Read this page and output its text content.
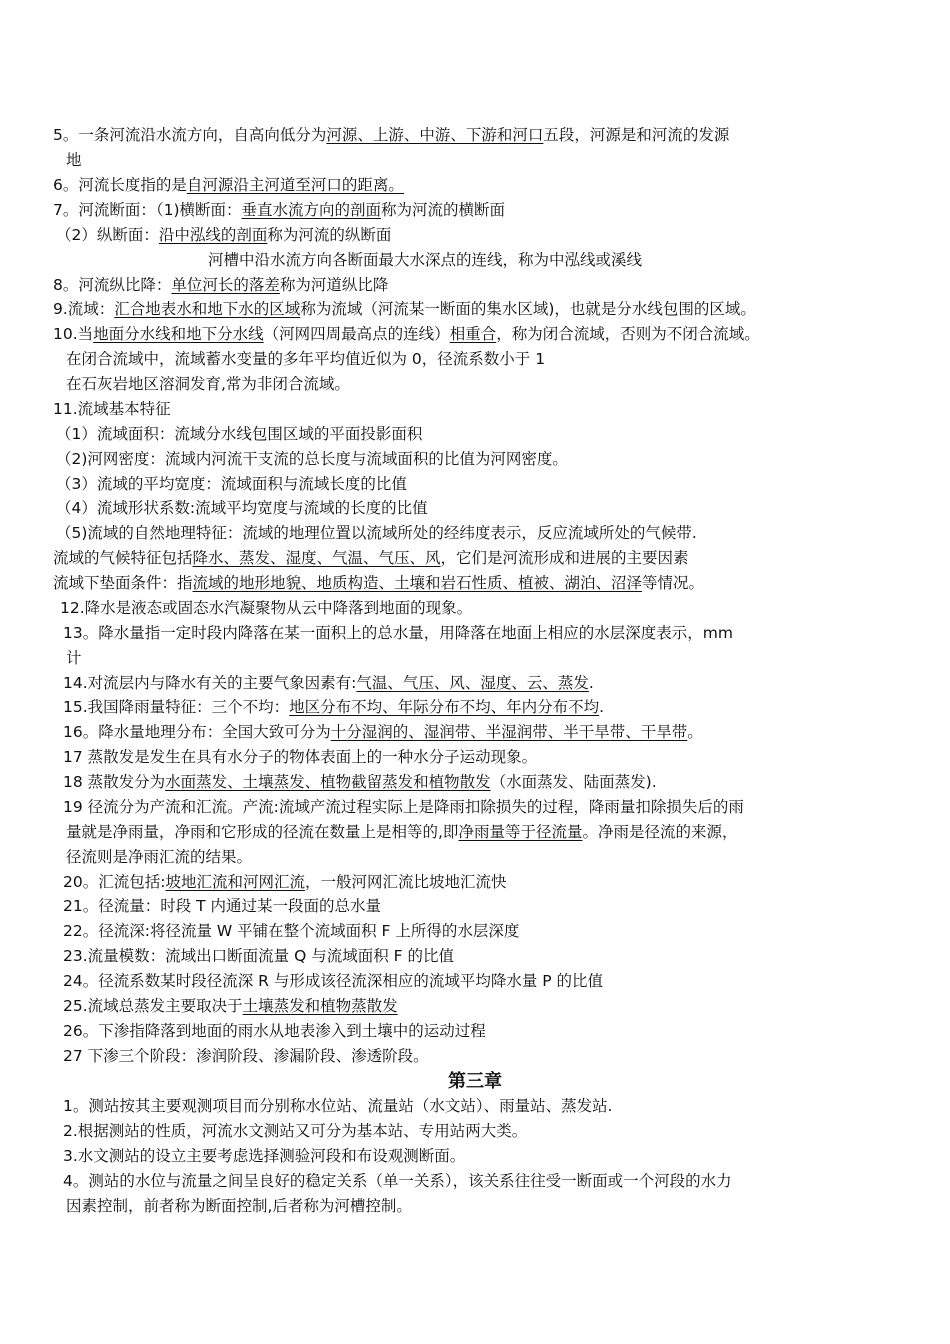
5。一条河流沿水流方向，自高向低分为河源、上游、中游、下游和河口五段，河源是和河流的发源
地
6。河流长度指的是自河源沿主河道至河口的距离。
7。河流断面：（1)横断面：垂直水流方向的剖面称为河流的横断面
（2）纵断面：沿中泓线的剖面称为河流的纵断面
河槽中沿水流方向各断面最大水深点的连线，称为中泓线或溪线
8。河流纵比降：单位河长的落差称为河道纵比降
9.流域：汇合地表水和地下水的区域称为流域（河流某一断面的集水区域)，也就是分水线包围的区域。
10.当地面分水线和地下分水线（河网四周最高点的连线）相重合，称为闭合流域，否则为不闭合流域。
在闭合流域中，流域蓄水变量的多年平均值近似为 0，径流系数小于 1
在石灰岩地区溶洞发育,常为非闭合流域。
11.流域基本特征
（1）流域面积：流域分水线包围区域的平面投影面积
（2)河网密度：流域内河流干支流的总长度与流域面积的比值为河网密度。
（3）流域的平均宽度：流域面积与流域长度的比值
（4）流域形状系数:流域平均宽度与流域的长度的比值
（5)流域的自然地理特征：流域的地理位置以流域所处的经纬度表示，反应流域所处的气候带.
流域的气候特征包括降水、蒸发、湿度、气温、气压、风，它们是河流形成和进展的主要因素
流域下垫面条件：指流域的地形地貌、地质构造、土壤和岩石性质、植被、湖泊、沼泽等情况。
12.降水是液态或固态水汽凝聚物从云中降落到地面的现象。
13。降水量指一定时段内降落在某一面积上的总水量，用降落在地面上相应的水层深度表示，mm
计
14.对流层内与降水有关的主要气象因素有:气温、气压、风、湿度、云、蒸发.
15.我国降雨量特征：三个不均：地区分布不均、年际分布不均、年内分布不均.
16。降水量地理分布：全国大致可分为十分湿润的、湿润带、半湿润带、半干旱带、干旱带。
17 蒸散发是发生在具有水分子的物体表面上的一种水分子运动现象。
18 蒸散发分为水面蒸发、土壤蒸发、植物截留蒸发和植物散发（水面蒸发、陆面蒸发).
19 径流分为产流和汇流。产流:流域产流过程实际上是降雨扣除损失的过程，降雨量扣除损失后的雨
量就是净雨量，净雨和它形成的径流在数量上是相等的,即净雨量等于径流量。净雨是径流的来源，
径流则是净雨汇流的结果。
20。汇流包括:坡地汇流和河网汇流，一般河网汇流比坡地汇流快
21。径流量：时段 T 内通过某一段面的总水量
22。径流深:将径流量 W 平铺在整个流域面积 F 上所得的水层深度
23.流量模数：流域出口断面流量 Q 与流域面积 F 的比值
24。径流系数某时段径流深 R 与形成该径流深相应的流域平均降水量 P 的比值
25.流域总蒸发主要取决于土壤蒸发和植物蒸散发
26。下渗指降落到地面的雨水从地表渗入到土壤中的运动过程
27 下渗三个阶段：渗润阶段、渗漏阶段、渗透阶段。
第三章
1。测站按其主要观测项目而分别称水位站、流量站（水文站）、雨量站、蒸发站.
2.根据测站的性质，河流水文测站又可分为基本站、专用站两大类。
3.水文测站的设立主要考虑选择测验河段和布设观测断面。
4。测站的水位与流量之间呈良好的稳定关系（单一关系），该关系往往受一断面或一个河段的水力
因素控制，前者称为断面控制,后者称为河槽控制。
